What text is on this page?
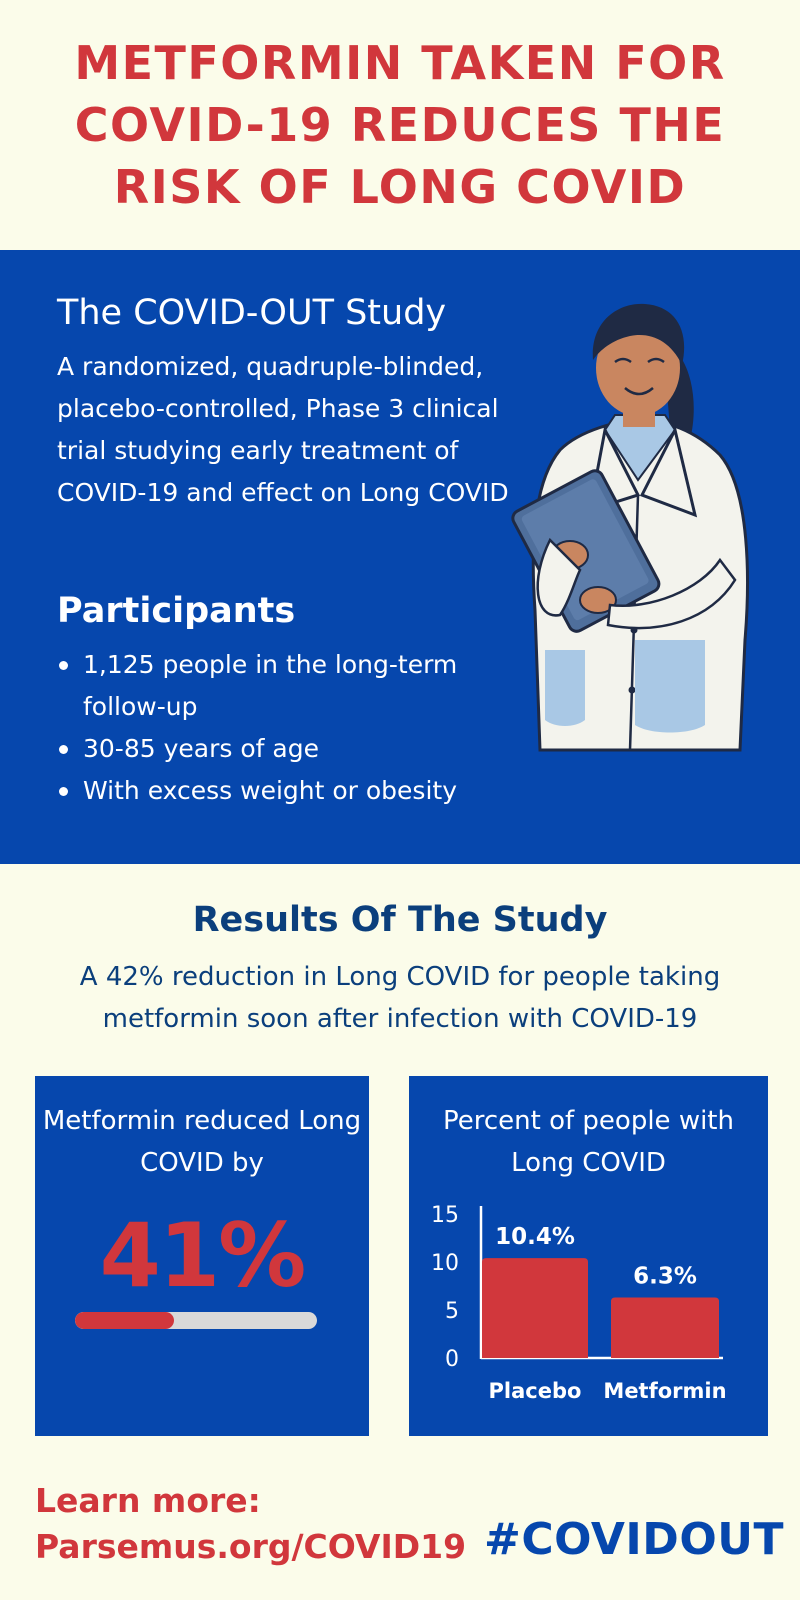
METFORMIN TAKEN FOR
COVID-19 REDUCES THE
RISK OF LONG COVID
The COVID-OUT Study

A randomized, quadruple-blinded, placebo-controlled, Phase 3 clinical trial studying early treatment of COVID-19 and effect on Long COVID

Participants
1,125 people in the long-term follow-up
30-85 years of age
With excess weight or obesity
Results Of The Study

A 42% reduction in Long COVID for people taking metformin soon after infection with COVID-19

Metformin reduced Long COVID by
41%
Percent of people with Long COVID
0
5
10
15
10.4%
Placebo
6.3%
Metformin
Learn more:
Parsemus.org/COVID19 #COVIDOUT
